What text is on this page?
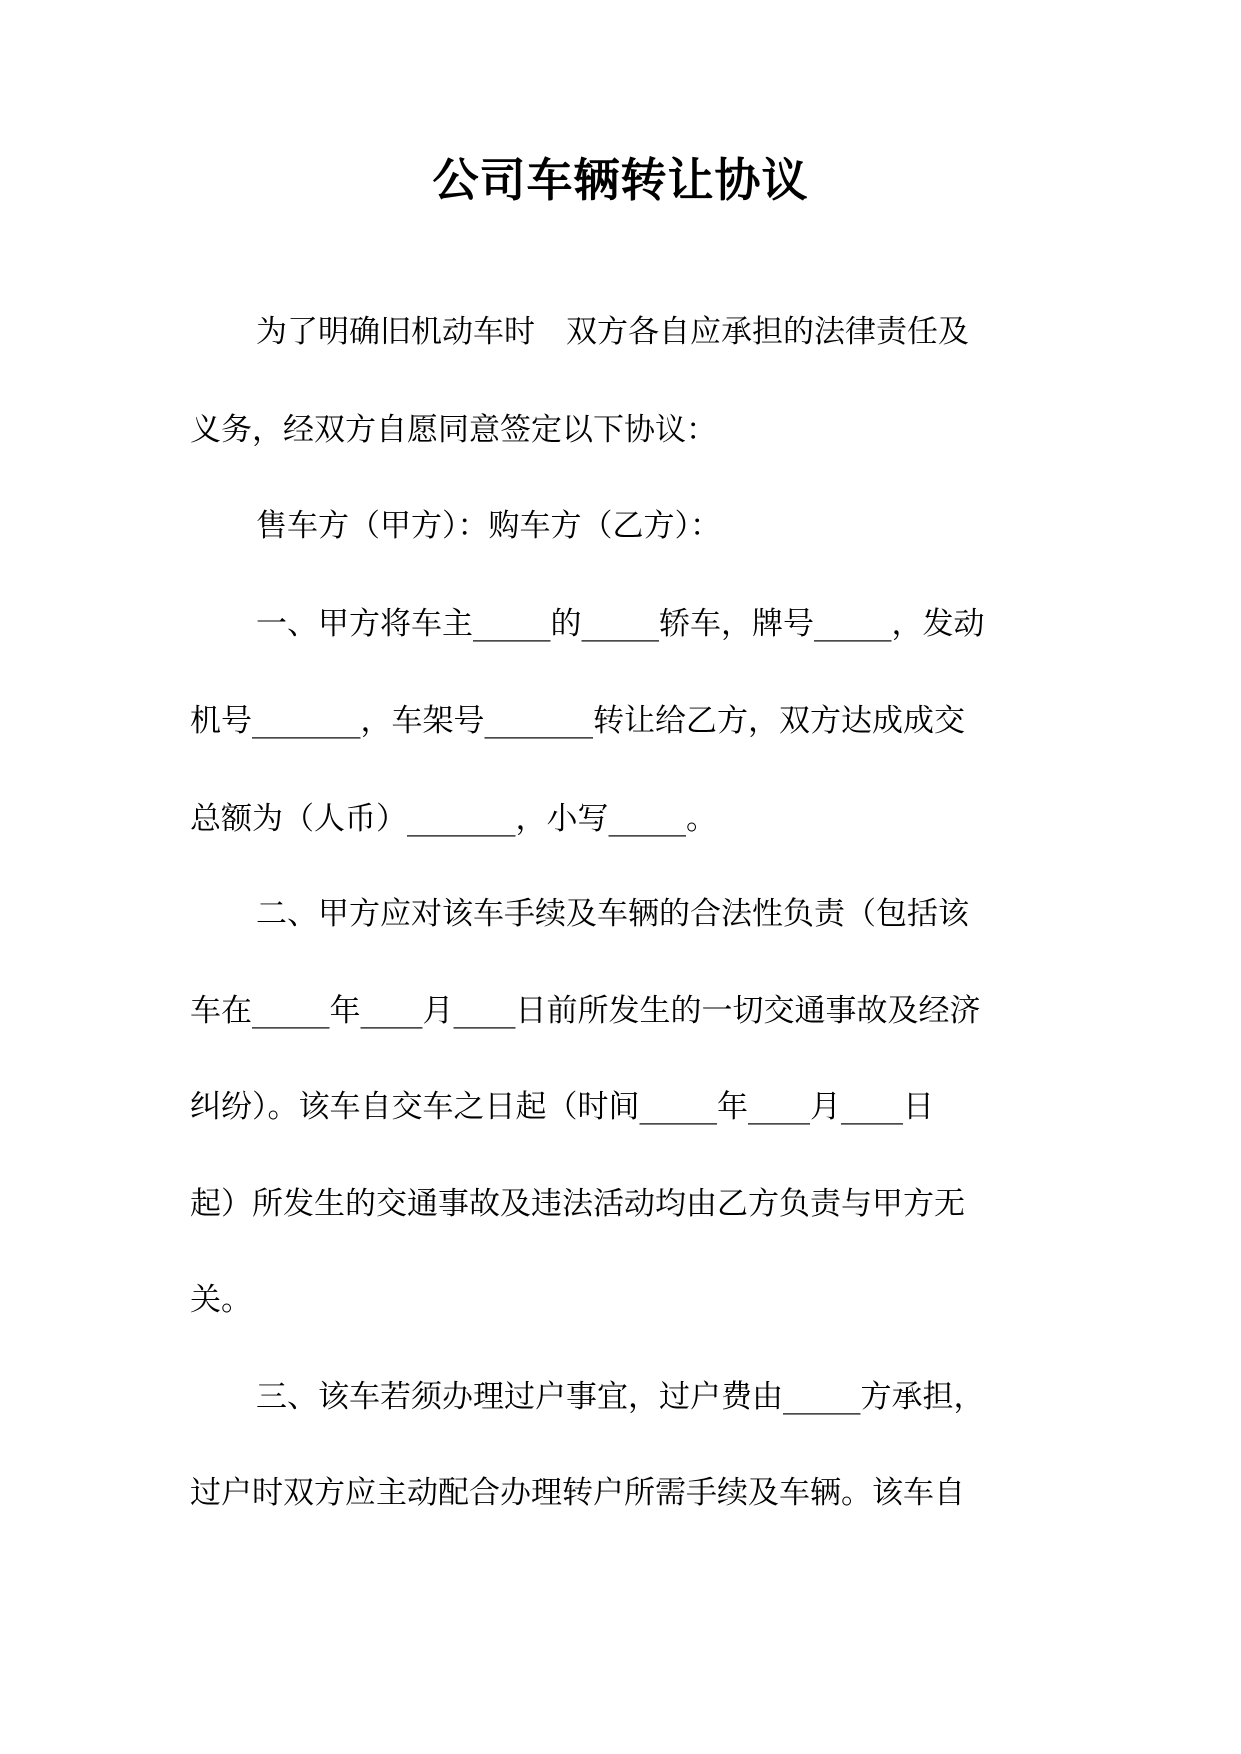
公司车辆转让协议
为了明确旧机动车时　双方各自应承担的法律责任及
义务，经双方自愿同意签定以下协议：
售车方（甲方）：购车方（乙方）：
一、甲方将车主_____的_____轿车，牌号_____，发动
机号_______，车架号_______转让给乙方，双方达成成交
总额为（人币）_______，小写_____。
二、甲方应对该车手续及车辆的合法性负责（包括该
车在_____年____月____日前所发生的一切交通事故及经济
纠纷）。该车自交车之日起（时间_____年____月____日
起）所发生的交通事故及违法活动均由乙方负责与甲方无
关。
三、该车若须办理过户事宜，过户费由_____方承担，
过户时双方应主动配合办理转户所需手续及车辆。该车自
